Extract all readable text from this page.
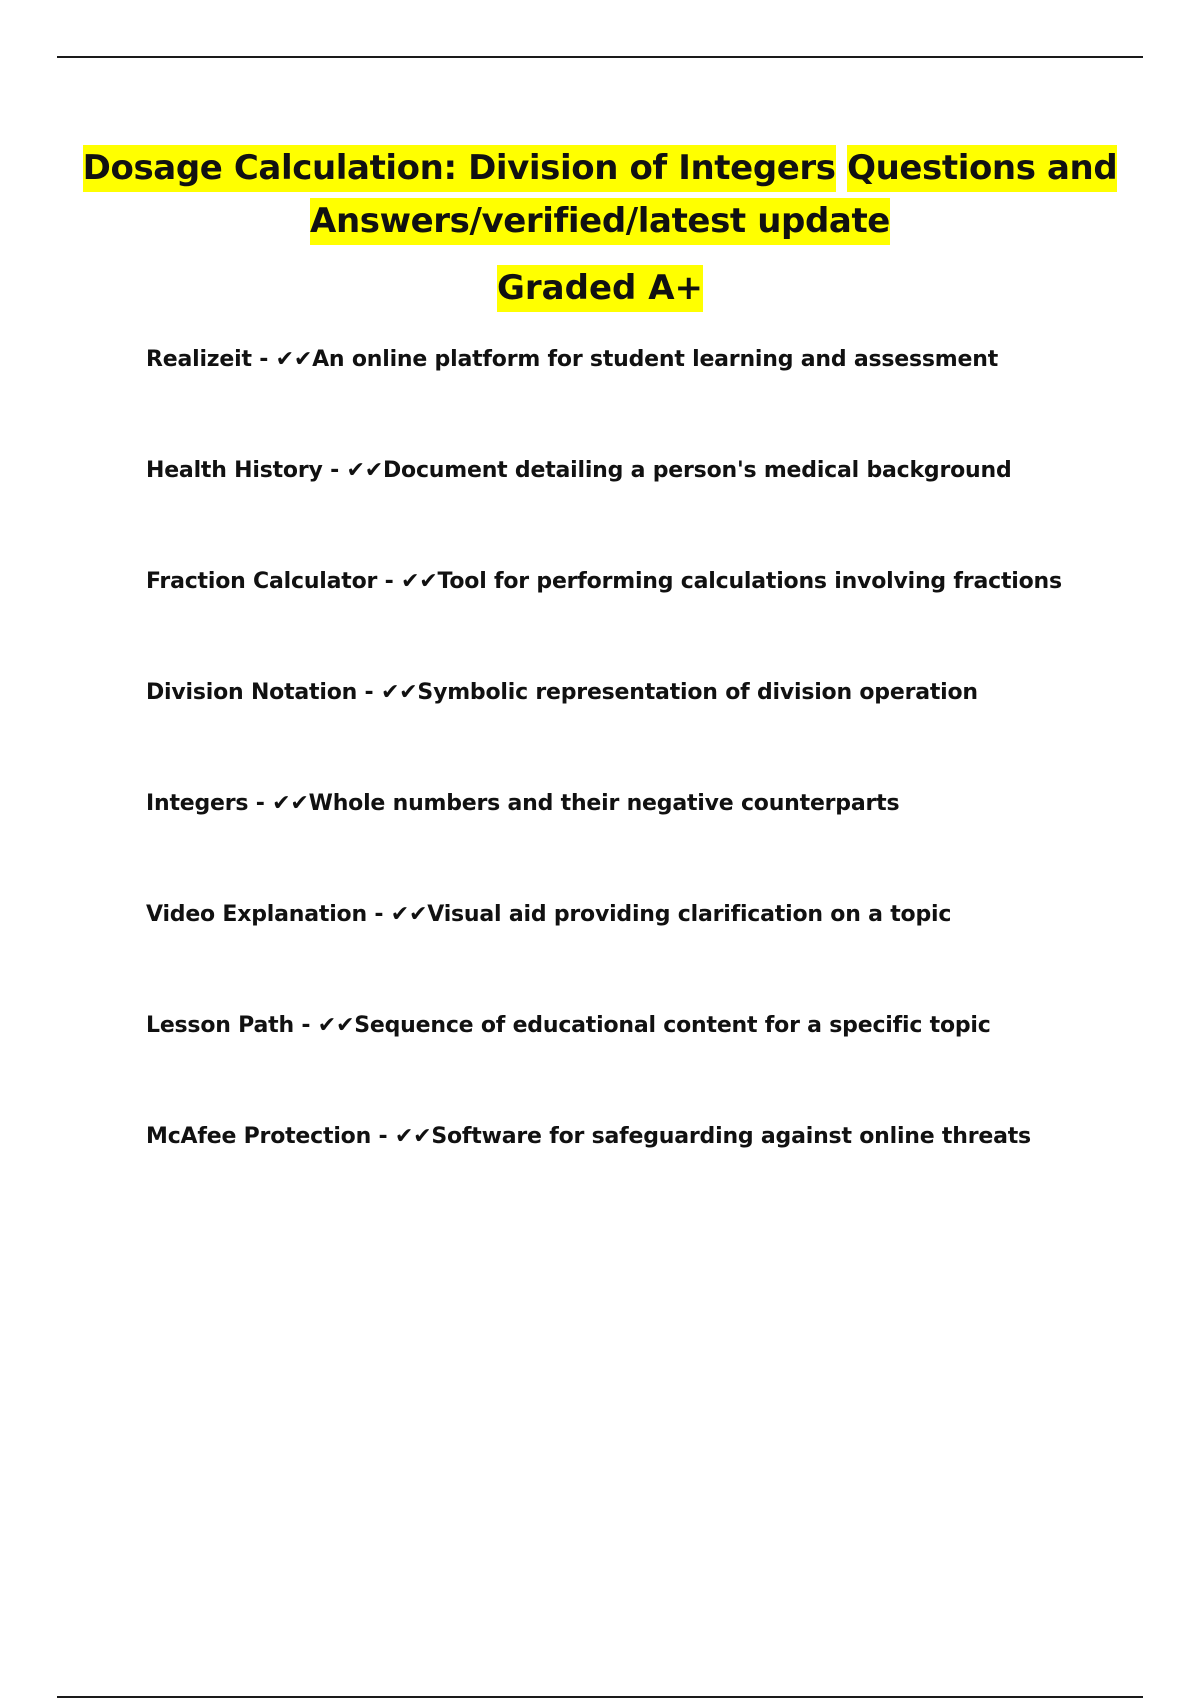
Dosage Calculation: Division of Integers Questions and
Answers/verified/latest update
Graded A+
Realizeit - ✔✔An online platform for student learning and assessment
Health History - ✔✔Document detailing a person's medical background
Fraction Calculator - ✔✔Tool for performing calculations involving fractions
Division Notation - ✔✔Symbolic representation of division operation
Integers - ✔✔Whole numbers and their negative counterparts
Video Explanation - ✔✔Visual aid providing clarification on a topic
Lesson Path - ✔✔Sequence of educational content for a specific topic
McAfee Protection - ✔✔Software for safeguarding against online threats
